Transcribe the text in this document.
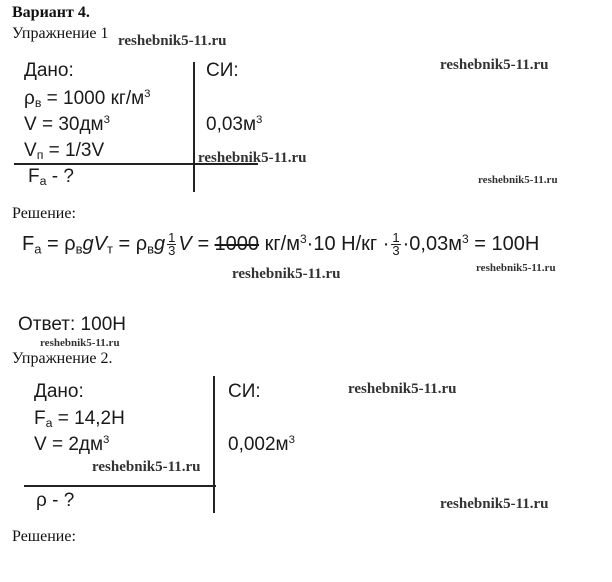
Вариант 4.
Упражнение 1
Дано:	СИ:
$\rho_в = 1000$ $кг/м^3$
$V = 30дм^3$	$0,03м^3$
$V_п = 1/3V$
$F_а$ - ?
Решение:
$F_а = \rho_вgV_т = \rho_вg \frac{1}{3}$ V = 1000 $кг/м^3\cdot 10$ $Н/кг \cdot \frac{1}{3} \cdot 0,03м^3 = 100Н$
Ответ: 100Н
Упражнение 2.
Дано:	СИ:
$F_а = 14,2Н$
$V = 2дм^3$	$0,002м^3$
ρ - ?
Решение:
reshebnik5-11.ru
reshebnik5-11.ru
reshebnik5-11.ru
reshebnik5-11.ru
reshebnik5-11.ru	reshebnik5-11.ru
reshebnik5-11.ru
reshebnik5-11.ru
reshebnik5-11.ru
reshebnik5-11.ru
